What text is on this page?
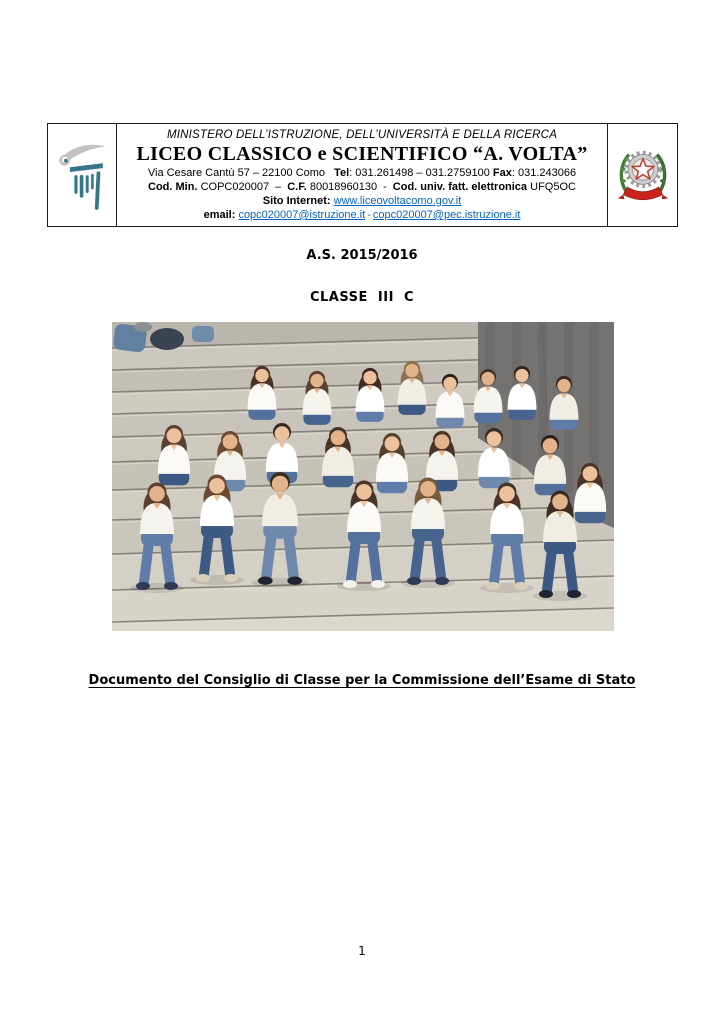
MINISTERO DELL’ISTRUZIONE, DELL’UNIVERSITÀ E DELLA RICERCA
LICEO CLASSICO e SCIENTIFICO “A. VOLTA”
Via Cesare Cantù 57 – 22100 Como Tel: 031.261498 – 031.2759100 Fax: 031.243066
Cod. Min. COPC020007 – C.F. 80018960130 - Cod. univ. fatt. elettronica UFQ5OC
Sito Internet: www.liceovoltacomo.gov.it
email: copc020007@istruzione.it - copc020007@pec.istruzione.it
A.S. 2015/2016
CLASSE  III  C
Documento del Consiglio di Classe per la Commissione dell’Esame di Stato
1
